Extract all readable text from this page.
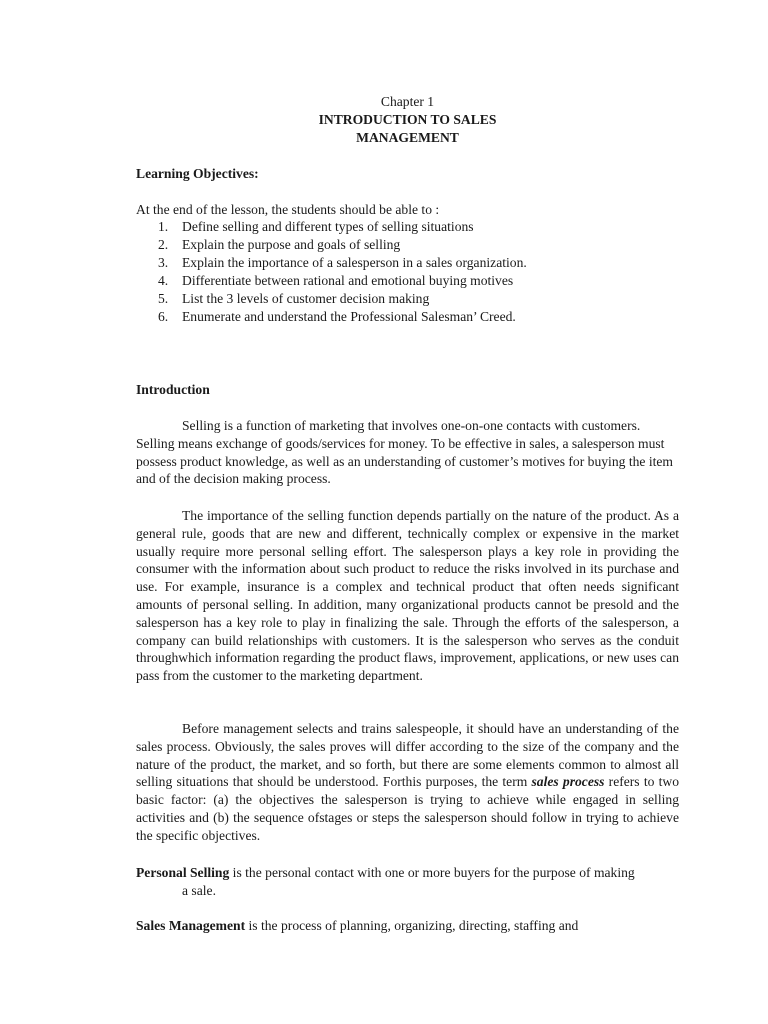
Chapter 1
INTRODUCTION TO SALES
MANAGEMENT
Learning Objectives:
At the end of the lesson, the students should be able to :
1.	Define selling and different types of selling situations
2.	Explain the purpose and goals of selling
3.	Explain the importance of a salesperson in a sales organization.
4.	Differentiate between rational and emotional buying motives
5.	List the 3 levels of customer decision making
6.	Enumerate and understand the Professional Salesman’ Creed.
Introduction

Selling is a function of marketing that involves one-on-one contacts with customers. Selling means exchange of goods/services for money. To be effective in sales, a salesperson must possess product knowledge, as well as an understanding of customer’s motives for buying the item and of the decision making process.

The importance of the selling function depends partially on the nature of the product. As a general rule, goods that are new and different, technically complex or expensive in the market usually require more personal selling effort. The salesperson plays a key role in providing the consumer with the information about such product to reduce the risks involved in its purchase and use. For example, insurance is a complex and technical product that often needs significant amounts of personal selling. In addition, many organizational products cannot be presold and the salesperson has a key role to play in finalizing the sale. Through the efforts of the salesperson, a company can build relationships with customers. It is the salesperson who serves as the conduit throughwhich information regarding the product flaws, improvement, applications, or new uses can pass from the customer to the marketing department.

Before management selects and trains salespeople, it should have an understanding of the sales process. Obviously, the sales proves will differ according to the size of the company and the nature of the product, the market, and so forth, but there are some elements common to almost all selling situations that should be understood. Forthis purposes, the term sales process refers to two basic factor: (a) the objectives the salesperson is trying to achieve while engaged in selling activities and (b) the sequence ofstages or steps the salesperson should follow in trying to achieve the specific objectives.

Personal Selling is the personal contact with one or more buyers for the purpose of making
a sale.

Sales Management is the process of planning, organizing, directing, staffing and
